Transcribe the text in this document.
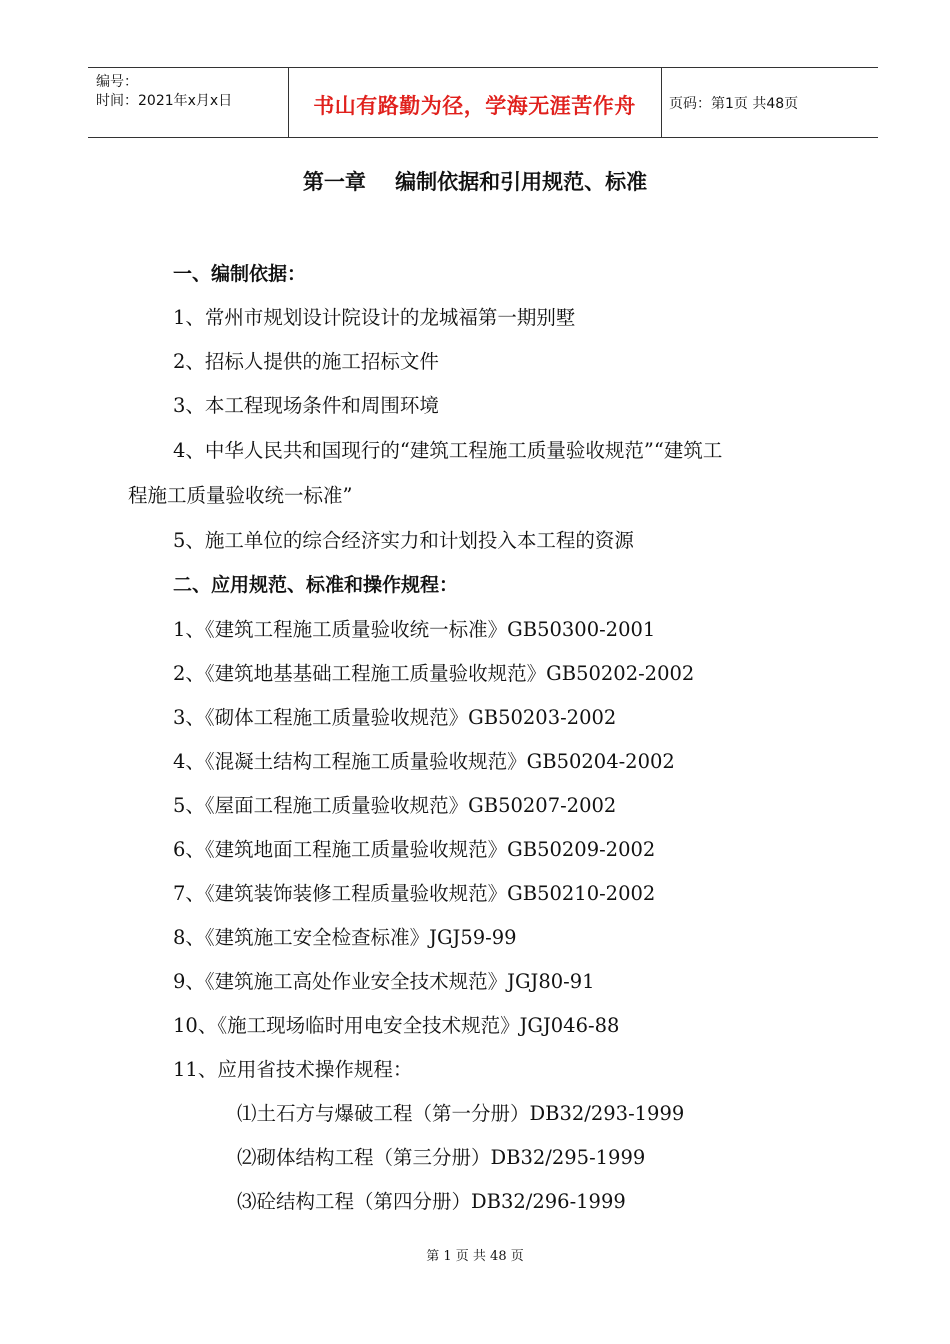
编号：
时间：2021年x月x日	书山有路勤为径，学海无涯苦作舟	页码：第1页 共48页
第一章    编制依据和引用规范、标准
一、编制依据：
1、常州市规划设计院设计的龙城福第一期别墅
2、招标人提供的施工招标文件
3、本工程现场条件和周围环境
4、中华人民共和国现行的“建筑工程施工质量验收规范”“建筑工
程施工质量验收统一标准”
5、施工单位的综合经济实力和计划投入本工程的资源
二、应用规范、标准和操作规程：
1、《建筑工程施工质量验收统一标准》GB50300-2001
2、《建筑地基基础工程施工质量验收规范》GB50202-2002
3、《砌体工程施工质量验收规范》GB50203-2002
4、《混凝土结构工程施工质量验收规范》GB50204-2002
5、《屋面工程施工质量验收规范》GB50207-2002
6、《建筑地面工程施工质量验收规范》GB50209-2002
7、《建筑装饰装修工程质量验收规范》GB50210-2002
8、《建筑施工安全检查标准》JGJ59-99
9、《建筑施工高处作业安全技术规范》JGJ80-91
10、《施工现场临时用电安全技术规范》JGJ046-88
11、应用省技术操作规程：
⑴土石方与爆破工程（第一分册）DB32/293-1999
⑵砌体结构工程（第三分册）DB32/295-1999
⑶砼结构工程（第四分册）DB32/296-1999
第 1 页 共 48 页
